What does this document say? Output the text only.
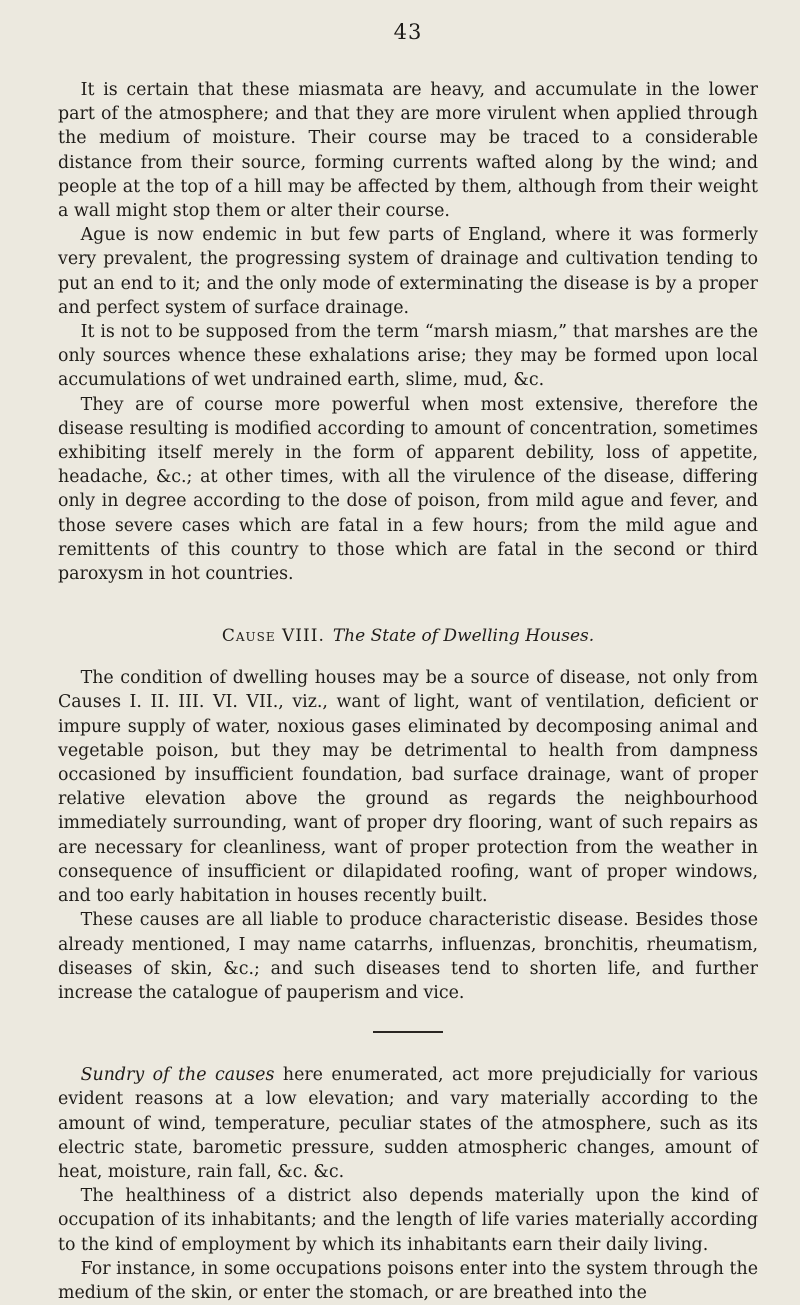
43

It is certain that these miasmata are heavy, and accumulate in the lower part of the atmosphere; and that they are more virulent when applied through the medium of moisture. Their course may be traced to a considerable distance from their source, forming currents wafted along by the wind; and people at the top of a hill may be affected by them, although from their weight a wall might stop them or alter their course.

Ague is now endemic in but few parts of England, where it was formerly very prevalent, the progressing system of drainage and cultivation tending to put an end to it; and the only mode of exterminating the disease is by a proper and perfect system of surface drainage.

It is not to be supposed from the term “marsh miasm,” that marshes are the only sources whence these exhalations arise; they may be formed upon local accumulations of wet undrained earth, slime, mud, &c.

They are of course more powerful when most extensive, therefore the disease resulting is modified according to amount of concentration, sometimes exhibiting itself merely in the form of apparent debility, loss of appetite, headache, &c.; at other times, with all the virulence of the disease, differing only in degree according to the dose of poison, from mild ague and fever, and those severe cases which are fatal in a few hours; from the mild ague and remittents of this country to those which are fatal in the second or third paroxysm in hot countries.

Cause VIII. The State of Dwelling Houses.

The condition of dwelling houses may be a source of disease, not only from Causes I. II. III. VI. VII., viz., want of light, want of ventilation, deficient or impure supply of water, noxious gases eliminated by decomposing animal and vegetable poison, but they may be detrimental to health from dampness occasioned by insufficient foundation, bad surface drainage, want of proper relative elevation above the ground as regards the neighbourhood immediately surrounding, want of proper dry flooring, want of such repairs as are necessary for cleanliness, want of proper protection from the weather in consequence of insufficient or dilapidated roofing, want of proper windows, and too early habitation in houses recently built.

These causes are all liable to produce characteristic disease. Besides those already mentioned, I may name catarrhs, influenzas, bronchitis, rheumatism, diseases of skin, &c.; and such diseases tend to shorten life, and further increase the catalogue of pauperism and vice.

Sundry of the causes here enumerated, act more prejudicially for various evident reasons at a low elevation; and vary materially according to the amount of wind, temperature, peculiar states of the atmosphere, such as its electric state, barometic pressure, sudden atmospheric changes, amount of heat, moisture, rain fall, &c. &c.

The healthiness of a district also depends materially upon the kind of occupation of its inhabitants; and the length of life varies materially according to the kind of employment by which its inhabitants earn their daily living.

For instance, in some occupations poisons enter into the system through the medium of the skin, or enter the stomach, or are breathed into the
